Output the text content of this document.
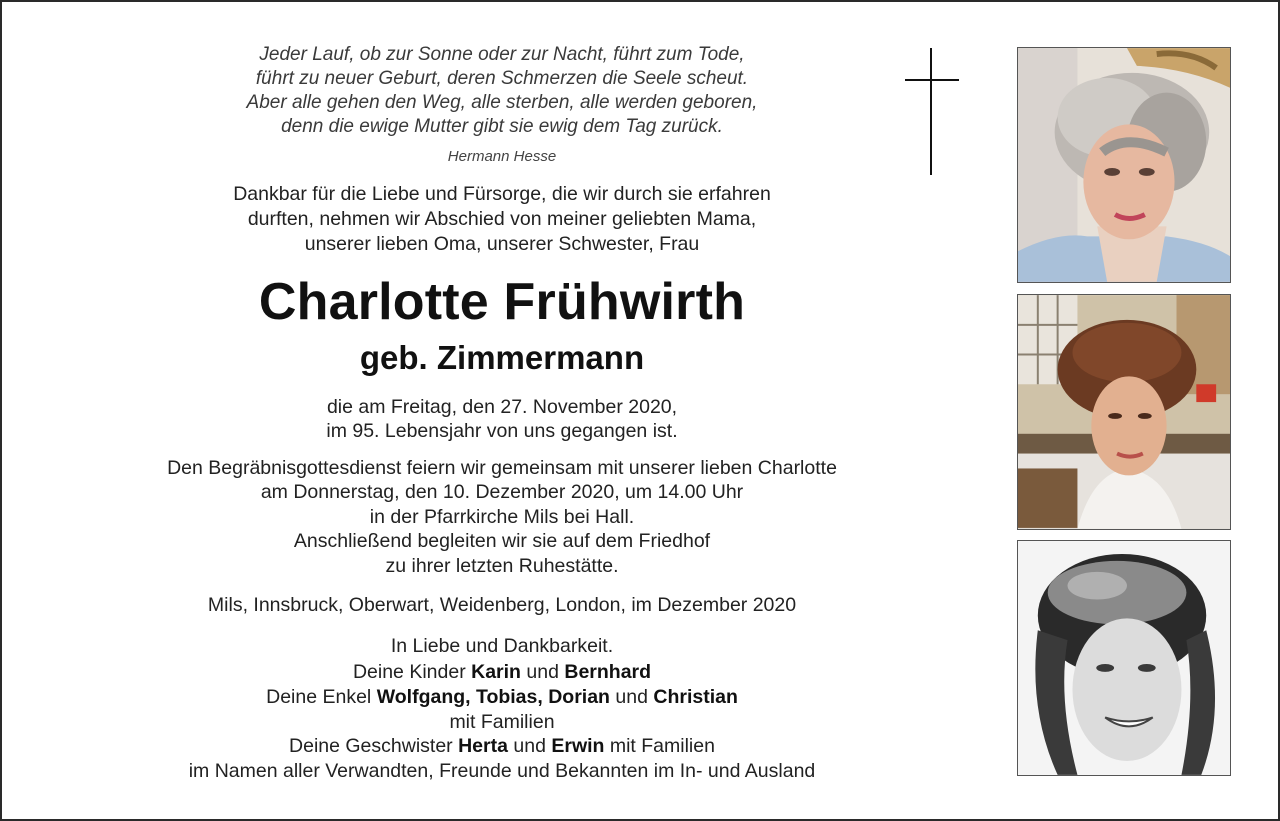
Jeder Lauf, ob zur Sonne oder zur Nacht, führt zum Tode,
führt zu neuer Geburt, deren Schmerzen die Seele scheut.
Aber alle gehen den Weg, alle sterben, alle werden geboren,
denn die ewige Mutter gibt sie ewig dem Tag zurück.
Hermann Hesse
Dankbar für die Liebe und Fürsorge, die wir durch sie erfahren
durften, nehmen wir Abschied von meiner geliebten Mama,
unserer lieben Oma, unserer Schwester, Frau
Charlotte Frühwirth
geb. Zimmermann
die am Freitag, den 27. November 2020,
im 95. Lebensjahr von uns gegangen ist.
Den Begräbnisgottesdienst feiern wir gemeinsam mit unserer lieben Charlotte
am Donnerstag, den 10. Dezember 2020, um 14.00 Uhr
in der Pfarrkirche Mils bei Hall.
Anschließend begleiten wir sie auf dem Friedhof
zu ihrer letzten Ruhestätte.
Mils, Innsbruck, Oberwart, Weidenberg, London, im Dezember 2020
In Liebe und Dankbarkeit.
Deine Kinder Karin und Bernhard
Deine Enkel Wolfgang, Tobias, Dorian und Christian
mit Familien
Deine Geschwister Herta und Erwin mit Familien
im Namen aller Verwandten, Freunde und Bekannten im In- und Ausland
